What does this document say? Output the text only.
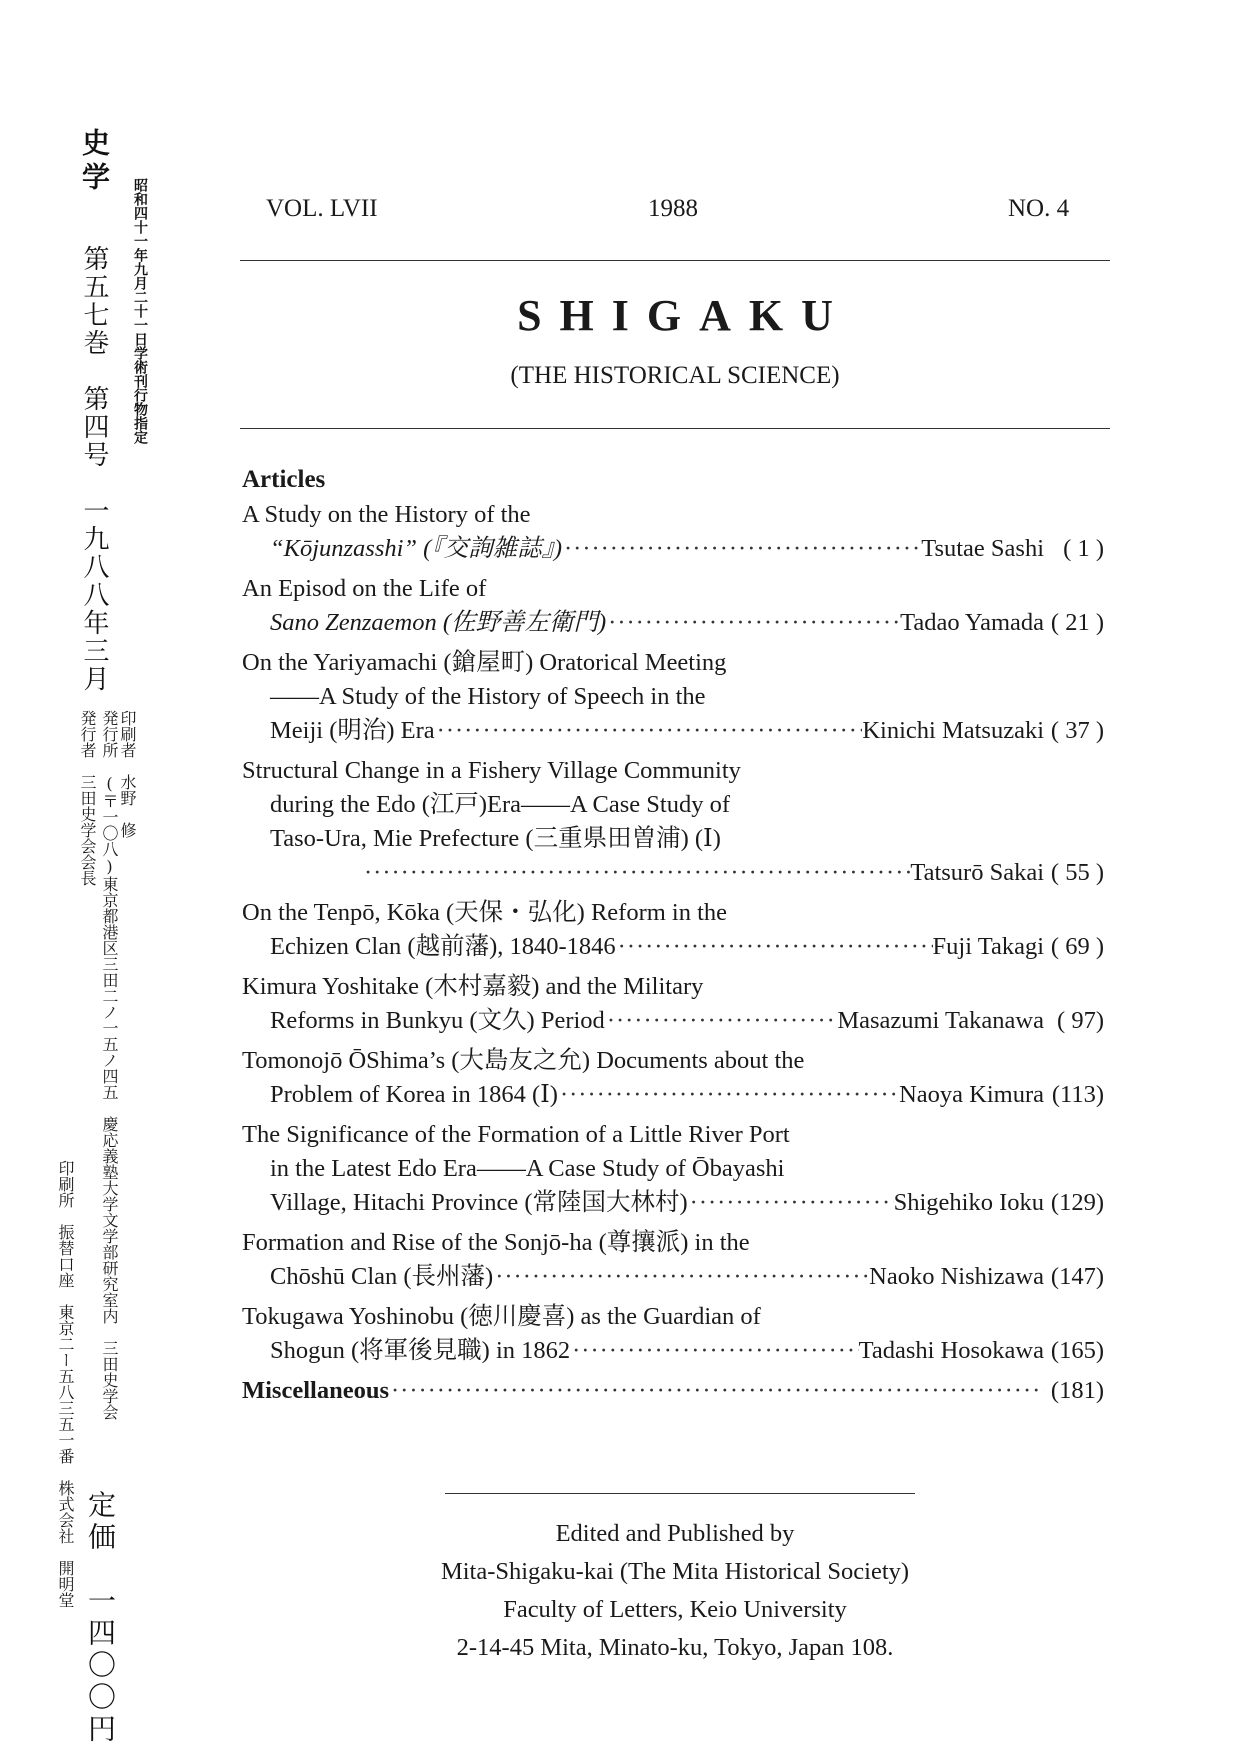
史学
昭和四十一年九月二十一日学術刊行物指定
第五七巻　第四号　一九八八年三月
発行所　(〒一〇八)東京都港区三田二ノ一五ノ四五　慶応義塾大学文学部研究室内　三田史学会
発行者　三田史学会会長 印刷者　水野　修
印刷所　振替口座　東京二ー五八三五一番　株式会社　開明堂
定価　一四〇〇円
VOL. LVII	1988	NO. 4
SHIGAKU
(THE HISTORICAL SCIENCE)
Articles
A Study on the History of the
“Kōjunzasshi” (『交詢雑誌』) ·····	Tsutae Sashi ( 1 )
An Episod on the Life of
Sano Zenzaemon (佐野善左衛門) ·····	Tadao Yamada ( 21 )
On the Yariyamachi (鎗屋町) Oratorical Meeting
——A Study of the History of Speech in the
Meiji (明治) Era ·····	Kinichi Matsuzaki ( 37 )
Structural Change in a Fishery Village Community
during the Edo (江戸)Era——A Case Study of
Taso-Ura, Mie Prefecture (三重県田曽浦) (Ⅰ)
·····
Tatsurō Sakai ( 55 )
On the Tenpō, Kōka (天保・弘化) Reform in the
Echizen Clan (越前藩), 1840-1846 ·····	Fuji Takagi ( 69 )
Kimura Yoshitake (木村嘉毅) and the Military
Reforms in Bunkyu (文久) Period ·····	Masazumi Takanawa ( 97)
Tomonojō ŌShima’s (大島友之允) Documents about the
Problem of Korea in 1864 (Ⅰ) ·····	Naoya Kimura (113)
The Significance of the Formation of a Little River Port
in the Latest Edo Era——A Case Study of Ōbayashi
Village, Hitachi Province (常陸国大林村) ·····	Shigehiko Ioku (129)
Formation and Rise of the Sonjō-ha (尊攘派) in the
Chōshū Clan (長州藩) ·····	Naoko Nishizawa (147)
Tokugawa Yoshinobu (徳川慶喜) as the Guardian of
Shogun (将軍後見職) in 1862 ·····	Tadashi Hosokawa (165)
Miscellaneous ·····	(181)
Edited and Published by
Mita-Shigaku-kai (The Mita Historical Society)
Faculty of Letters, Keio University
2-14-45 Mita, Minato-ku, Tokyo, Japan 108.
